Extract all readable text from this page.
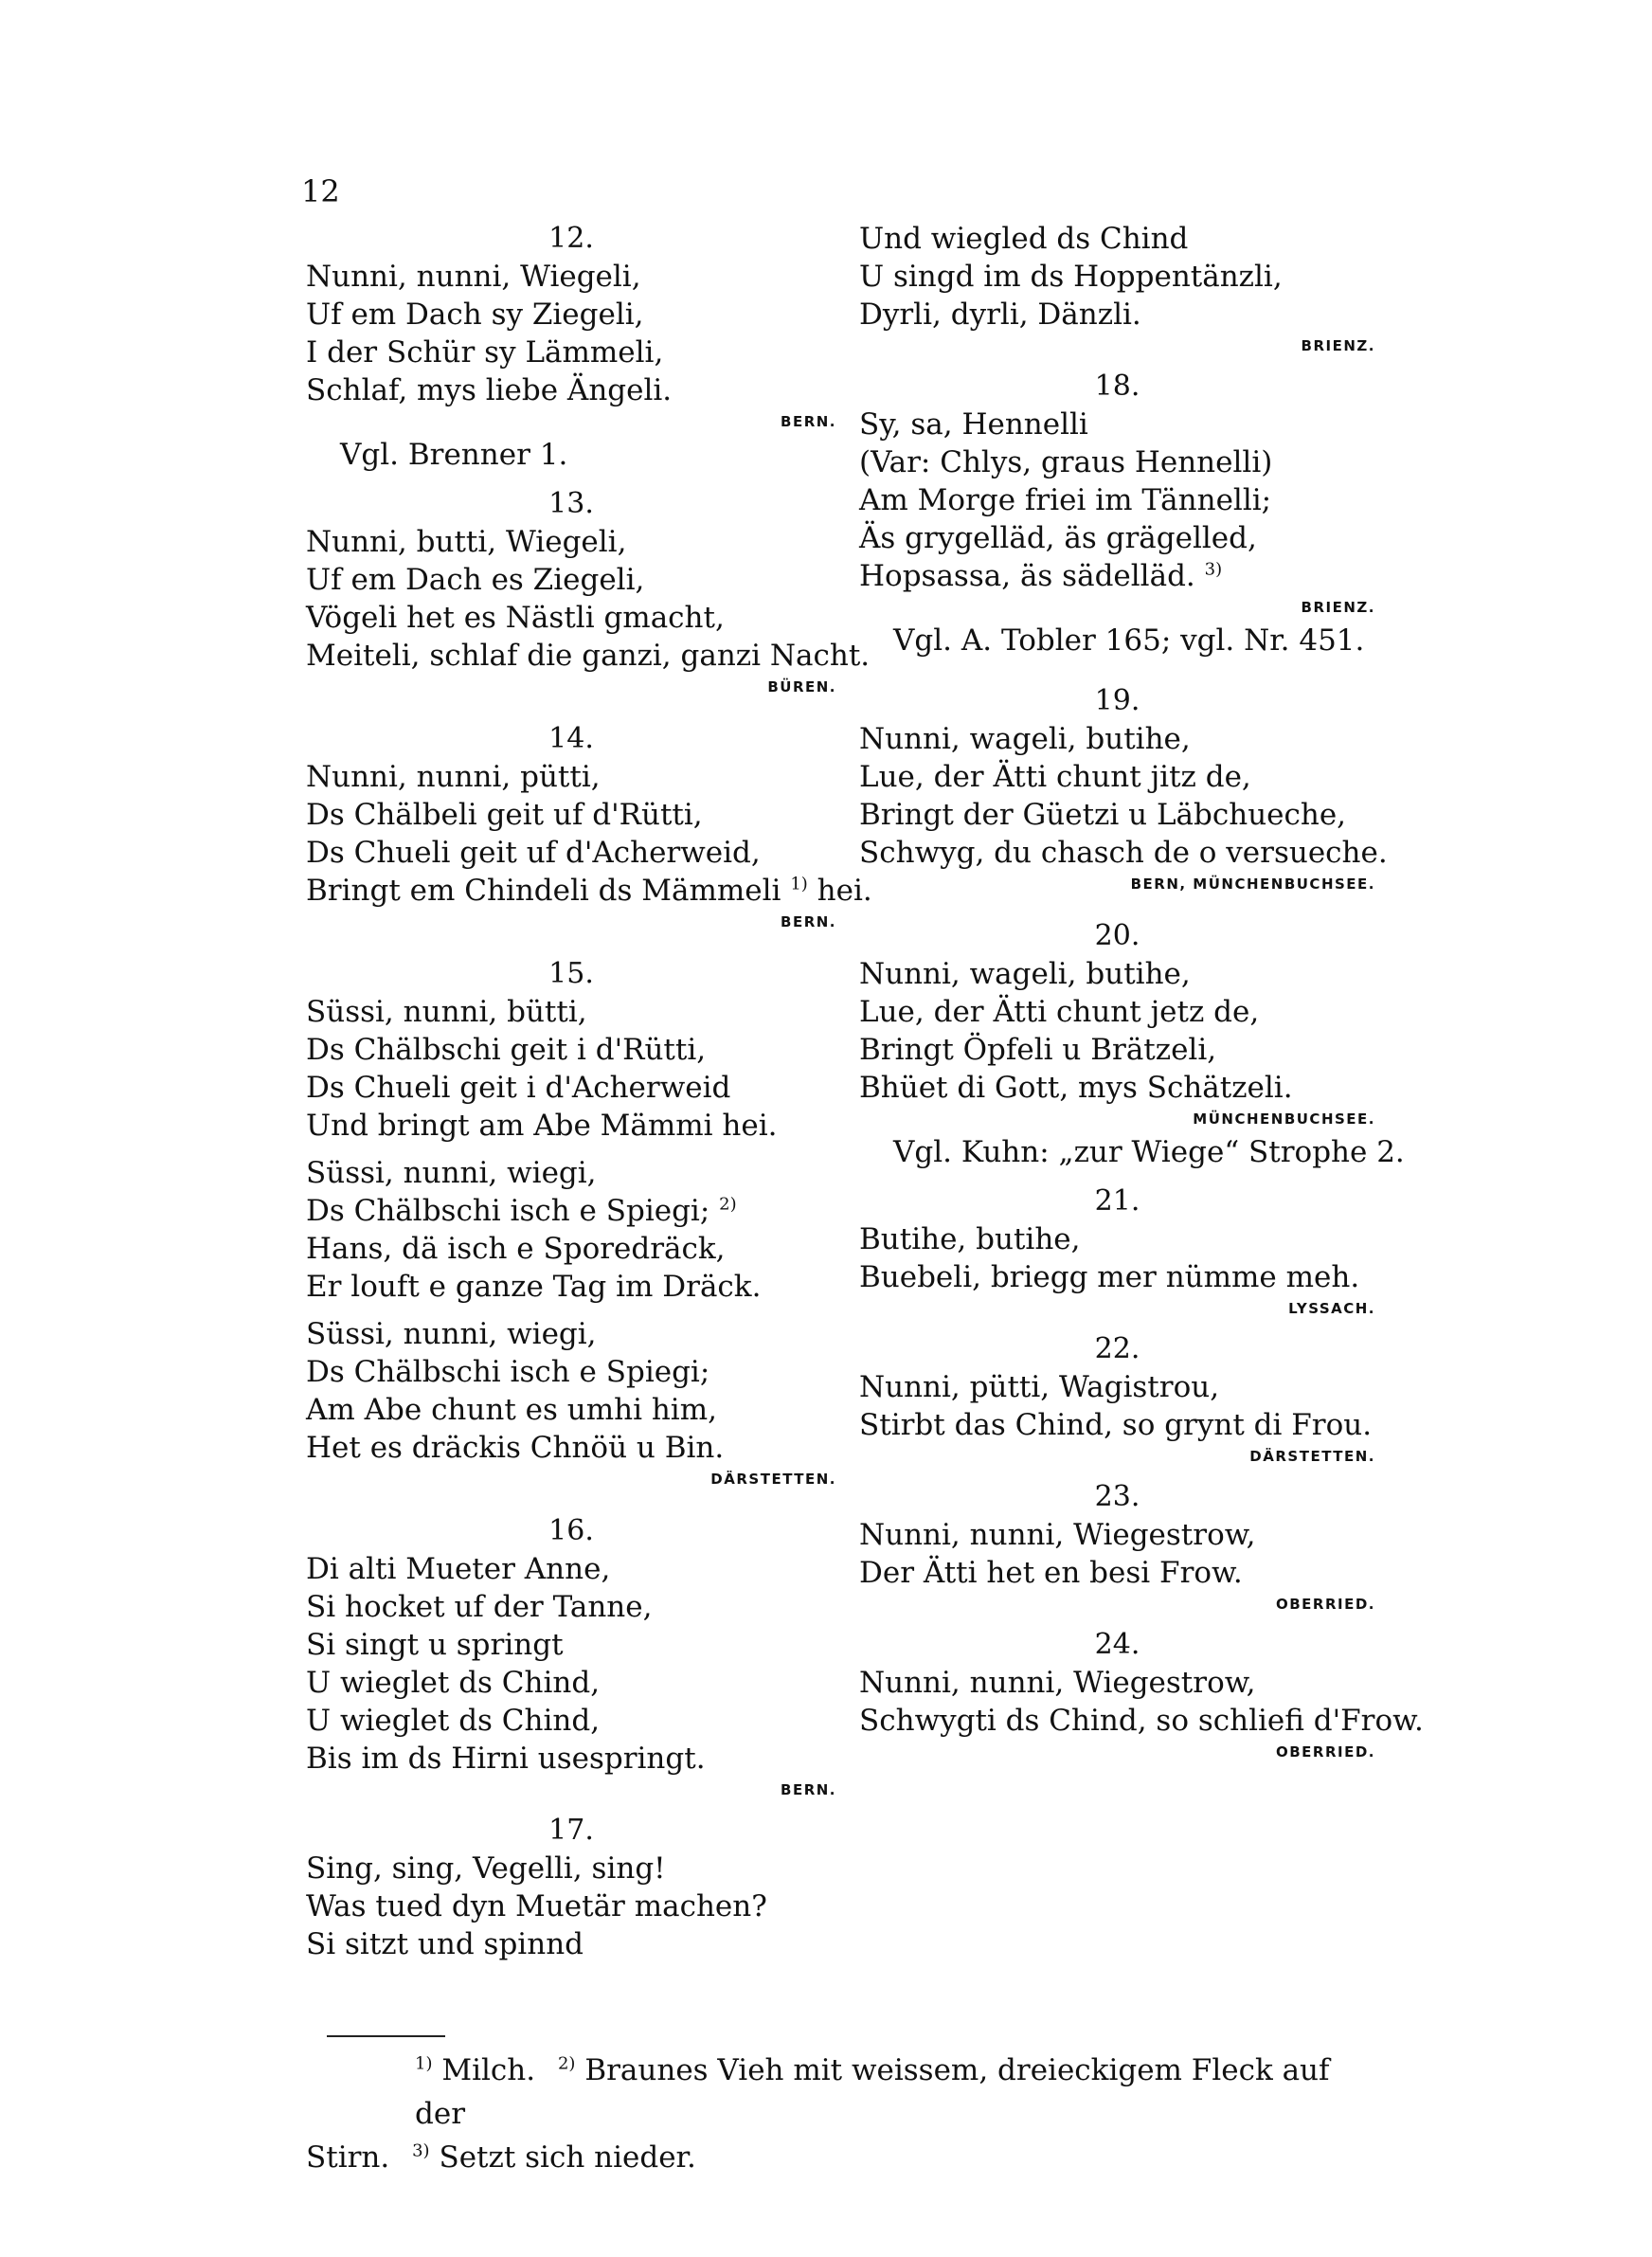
12
12.
Nunni, nunni, Wiegeli,
Uf em Dach sy Ziegeli,
I der Schür sy Lämmeli,
Schlaf, mys liebe Ängeli.
BERN.
Vgl. Brenner 1.
13.
Nunni, butti, Wiegeli,
Uf em Dach es Ziegeli,
Vögeli het es Nästli gmacht,
Meiteli, schlaf die ganzi, ganzi Nacht.
BÜREN.
14.
Nunni, nunni, pütti,
Ds Chälbeli geit uf d'Rütti,
Ds Chueli geit uf d'Acherweid,
Bringt em Chindeli ds Mämmeli $^{1)}$ hei.
BERN.
15.
Süssi, nunni, bütti,
Ds Chälbschi geit i d'Rütti,
Ds Chueli geit i d'Acherweid
Und bringt am Abe Mämmi hei.
Süssi, nunni, wiegi,
Ds Chälbschi isch e Spiegi; $^{2)}$
Hans, dä isch e Sporedräck,
Er louft e ganze Tag im Dräck.
Süssi, nunni, wiegi,
Ds Chälbschi isch e Spiegi;
Am Abe chunt es umhi him,
Het es dräckis Chnöü u Bin.
DÄRSTETTEN.
16.
Di alti Mueter Anne,
Si hocket uf der Tanne,
Si singt u springt
U wieglet ds Chind,
U wieglet ds Chind,
Bis im ds Hirni usespringt.
BERN.
17.
Sing, sing, Vegelli, sing!
Was tued dyn Muetär machen?
Si sitzt und spinnd
Und wiegled ds Chind
U singd im ds Hoppentänzli,
Dyrli, dyrli, Dänzli.
BRIENZ.
18.
Sy, sa, Hennelli
(Var: Chlys, graus Hennelli)
Am Morge friei im Tännelli;
Äs grygelläd, äs grägelled,
Hopsassa, äs sädelläd. $^{3)}$
BRIENZ.
Vgl. A. Tobler 165; vgl. Nr. 451.
19.
Nunni, wageli, butihe,
Lue, der Ätti chunt jitz de,
Bringt der Güetzi u Läbchueche,
Schwyg, du chasch de o versueche.
BERN, MÜNCHENBUCHSEE.
20.
Nunni, wageli, butihe,
Lue, der Ätti chunt jetz de,
Bringt Öpfeli u Brätzeli,
Bhüet di Gott, mys Schätzeli.
MÜNCHENBUCHSEE.
Vgl. Kuhn: „zur Wiege“ Strophe 2.
21.
Butihe, butihe,
Buebeli, briegg mer nümme meh.
LYSSACH.
22.
Nunni, pütti, Wagistrou,
Stirbt das Chind, so grynt di Frou.
DÄRSTETTEN.
23.
Nunni, nunni, Wiegestrow,
Der Ätti het en besi Frow.
OBERRIED.
24.
Nunni, nunni, Wiegestrow,
Schwygti ds Chind, so schliefi d'Frow.
OBERRIED.
$^{1)}$ Milch. $^{2)}$ Braunes Vieh mit weissem, dreieckigem Fleck auf der
Stirn. $^{3)}$ Setzt sich nieder.
